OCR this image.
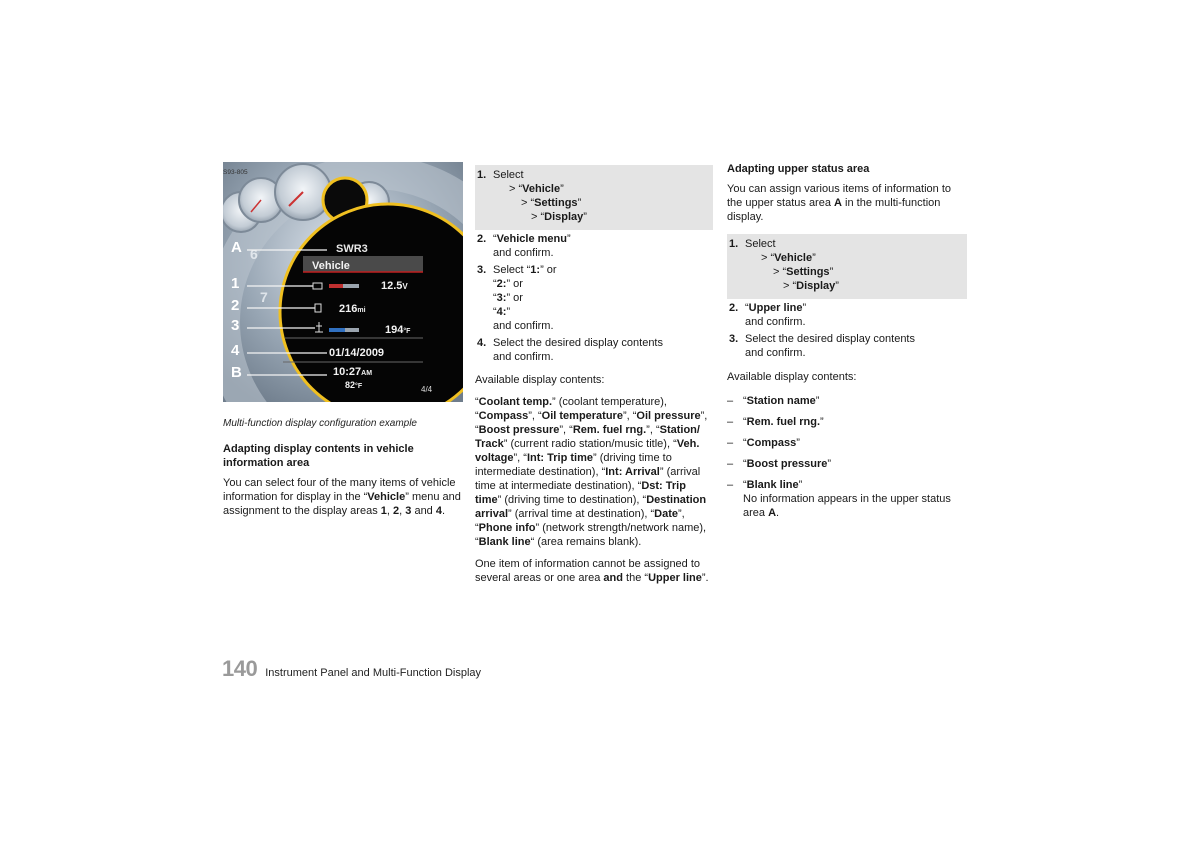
6
7
S93-805
A
1
2
3
4
B
SWR3
Vehicle
12.5V
216mi
194°F
01/14/2009
10:27AM
82°F	4/4
Multi-function display configuration example

Adapting display contents in vehicle information area

You can select four of the many items of vehicle information for display in the “Vehicle” menu and assignment to the display areas 1, 2, 3 and 4.

1. Select
> “Vehicle”
> “Settings”
> “Display”
2. “Vehicle menu”
and confirm.
3. Select “1:” or
“2:” or
“3:” or
“4:”
and confirm.
4. Select the desired display contents
and confirm.

Available display contents:

“Coolant temp.” (coolant temperature), “Compass”, “Oil temperature”, “Oil pressure”, “Boost pressure”, “Rem. fuel rng.”, “Station/ Track” (current radio station/music title), “Veh. voltage”, “Int: Trip time” (driving time to intermediate destination), “Int: Arrival” (arrival time at intermediate destination), “Dst: Trip time” (driving time to destination), “Destination arrival” (arrival time at destination), “Date”, “Phone info” (network strength/network name), “Blank line“ (area remains blank).

One item of information cannot be assigned to several areas or one area and the “Upper line”.

Adapting upper status area

You can assign various items of information to the upper status area A in the multi-function display.

1. Select
> “Vehicle”
> “Settings”
> “Display”
2. “Upper line”
and confirm.
3. Select the desired display contents
and confirm.

Available display contents:

– “Station name”
– “Rem. fuel rng.”
– “Compass”
– “Boost pressure”
– “Blank line”
No information appears in the upper status area A.
140 Instrument Panel and Multi-Function Display
